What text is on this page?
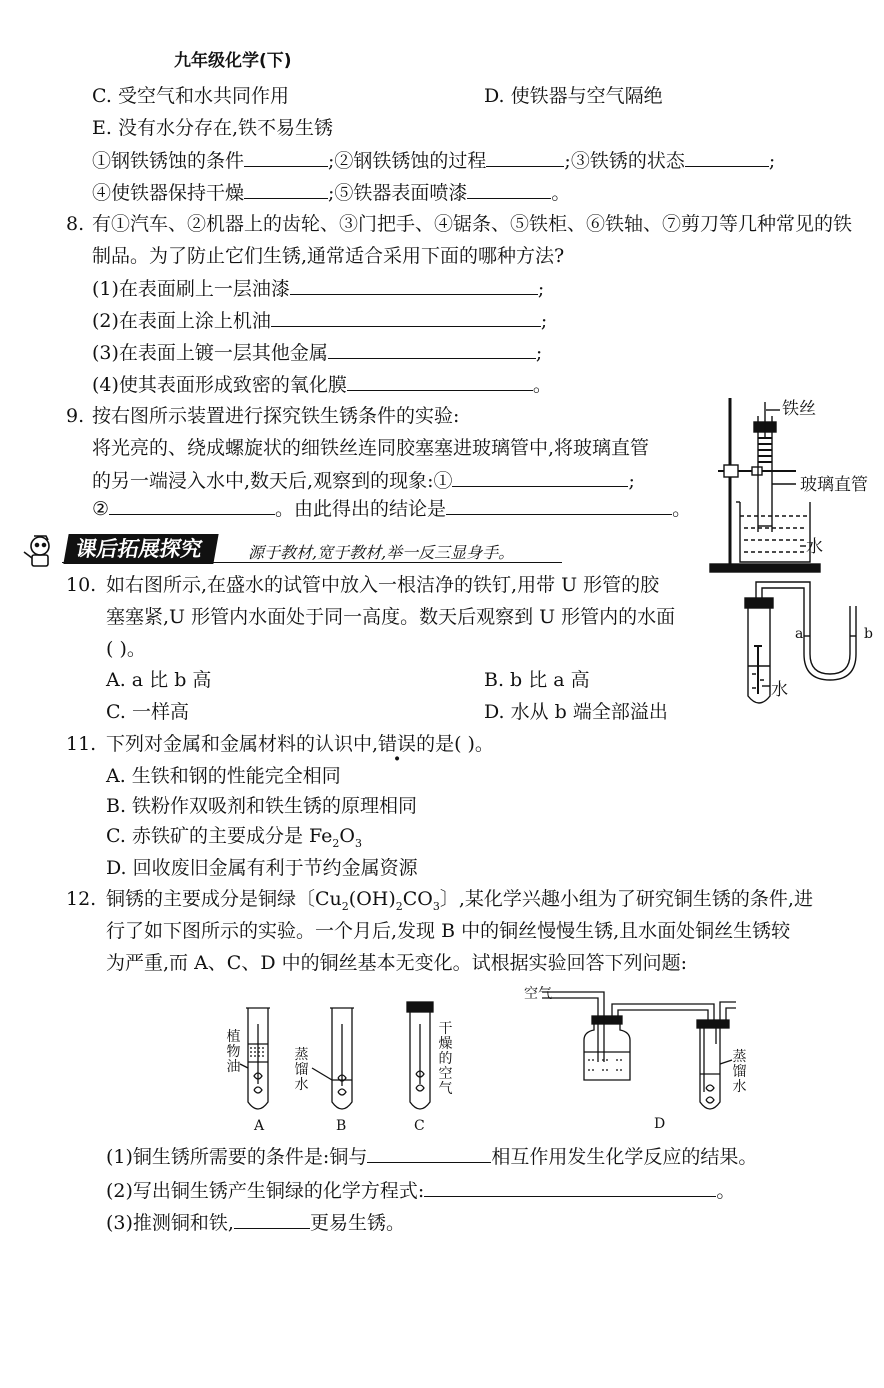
九年级化学(下)
C. 受空气和水共同作用	D. 使铁器与空气隔绝
E. 没有水分存在,铁不易生锈
①钢铁锈蚀的条件	;②钢铁锈蚀的过程	;③铁锈的状态	;
④使铁器保持干燥	;⑤铁器表面喷漆	。
8. 有①汽车、②机器上的齿轮、③门把手、④锯条、⑤铁柜、⑥铁轴、⑦剪刀等几种常见的铁
制品。为了防止它们生锈,通常适合采用下面的哪种方法?
(1)在表面刷上一层油漆	;
(2)在表面上涂上机油	;
(3)在表面上镀一层其他金属	;
(4)使其表面形成致密的氧化膜	。
9. 按右图所示装置进行探究铁生锈条件的实验:
将光亮的、绕成螺旋状的细铁丝连同胶塞塞进玻璃管中,将玻璃直管
的另一端浸入水中,数天后,观察到的现象:①	;
②	。由此得出的结论是	。
铁丝
玻璃直管
水
课后拓展探究	源于教材,宽于教材,举一反三显身手。
10. 如右图所示,在盛水的试管中放入一根洁净的铁钉,用带 U 形管的胶
塞塞紧,U 形管内水面处于同一高度。数天后观察到 U 形管内的水面
( )。
A. a 比 b 高	B. b 比 a 高
C. 一样高	D. 水从 b 端全部溢出
a	b
水
11. 下列对金属和金属材料的认识中,错误的是( )。
A. 生铁和钢的性能完全相同
B. 铁粉作双吸剂和铁生锈的原理相同
C. 赤铁矿的主要成分是 $Fe_2O_3$
D. 回收废旧金属有利于节约金属资源
12. 铜锈的主要成分是铜绿〔$Cu_2(OH)_2CO_3$〕,某化学兴趣小组为了研究铜生锈的条件,进
行了如下图所示的实验。一个月后,发现 B 中的铜丝慢慢生锈,且水面处铜丝生锈较
为严重,而 A、C、D 中的铜丝基本无变化。试根据实验回答下列问题:
植物油
蒸馏水
干燥的空气
空气
蒸馏水
A	B	C	D
(1)铜生锈所需要的条件是:铜与	相互作用发生化学反应的结果。
(2)写出铜生锈产生铜绿的化学方程式:	。
(3)推测铜和铁,	更易生锈。
